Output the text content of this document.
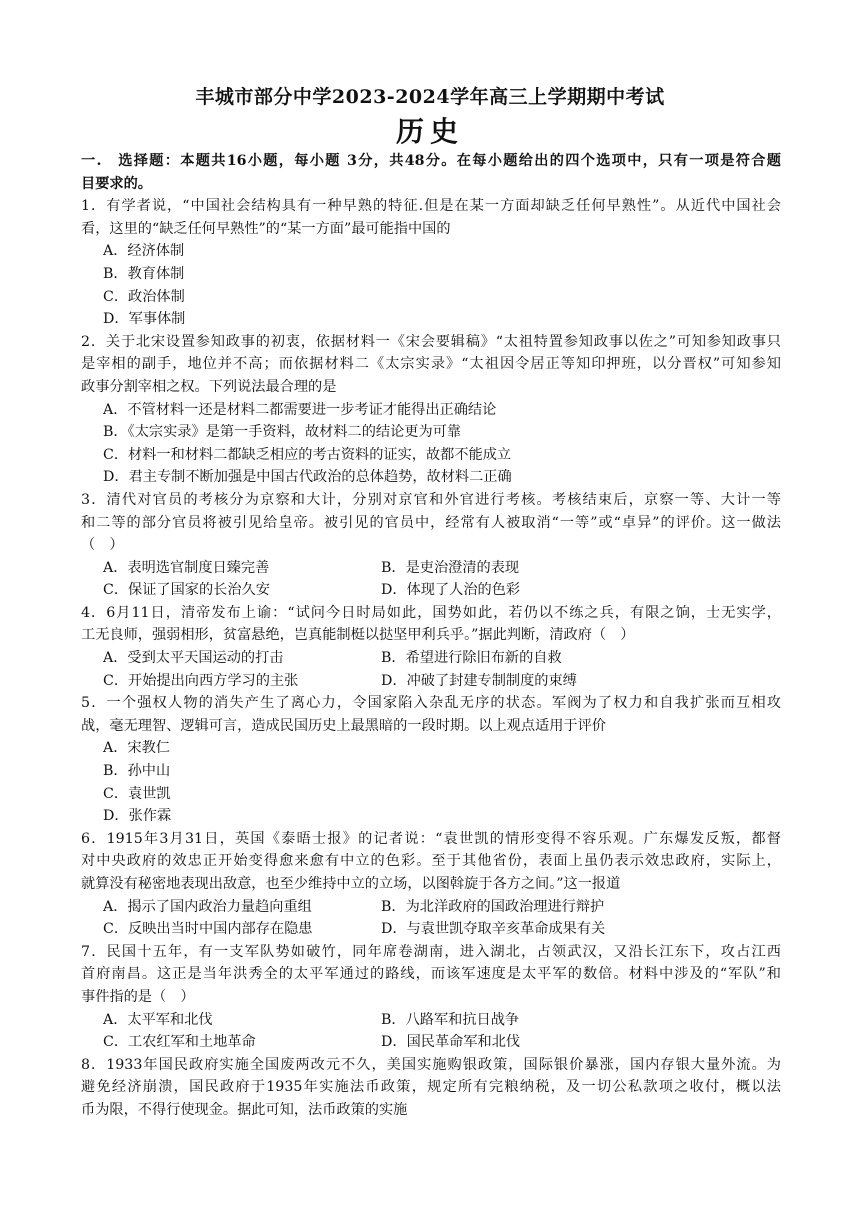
丰城市部分中学2023-2024学年高三上学期期中考试
历史
一.　选择题：本题共16小题，每小题 3分，共48分。在每小题给出的四个选项中，只有一项是符合题
目要求的。
1．有学者说，“中国社会结构具有一种早熟的特征.但是在某一方面却缺乏任何早熟性”。从近代中国社会
看，这里的“缺乏任何早熟性”的“某一方面”最可能指中国的
A．经济体制
B．教育体制
C．政治体制
D．军事体制
2．关于北宋设置参知政事的初衷，依据材料一《宋会要辑稿》“太祖特置参知政事以佐之”可知参知政事只
是宰相的副手，地位并不高；而依据材料二《太宗实录》“太祖因令居正等知印押班，以分晋权”可知参知
政事分割宰相之权。下列说法最合理的是
A．不管材料一还是材料二都需要进一步考证才能得出正确结论
B．《太宗实录》是第一手资料，故材料二的结论更为可靠
C．材料一和材料二都缺乏相应的考古资料的证实，故都不能成立
D．君主专制不断加强是中国古代政治的总体趋势，故材料二正确
3．清代对官员的考核分为京察和大计，分别对京官和外官进行考核。考核结束后，京察一等、大计一等
和二等的部分官员将被引见给皇帝。被引见的官员中，经常有人被取消“一等”或“卓异”的评价。这一做法
（　）
A．表明选官制度日臻完善	B．是吏治澄清的表现
C．保证了国家的长治久安	D．体现了人治的色彩
4．6月11日，清帝发布上谕：“试问今日时局如此，国势如此，若仍以不练之兵，有限之饷，士无实学，
工无良师，强弱相形，贫富悬绝，岂真能制梃以挞坚甲利兵乎。”据此判断，清政府（　）
A．受到太平天国运动的打击	B．希望进行除旧布新的自救
C．开始提出向西方学习的主张	D．冲破了封建专制制度的束缚
5．一个强权人物的消失产生了离心力，令国家陷入杂乱无序的状态。军阀为了权力和自我扩张而互相攻
战，毫无理智、逻辑可言，造成民国历史上最黑暗的一段时期。以上观点适用于评价
A．宋教仁
B．孙中山
C．袁世凯
D．张作霖
6．1915年3月31日，英国《泰晤士报》的记者说：“袁世凯的情形变得不容乐观。广东爆发反叛，都督
对中央政府的效忠正开始变得愈来愈有中立的色彩。至于其他省份，表面上虽仍表示效忠政府，实际上，
就算没有秘密地表现出敌意，也至少维持中立的立场，以图斡旋于各方之间。”这一报道
A．揭示了国内政治力量趋向重组	B．为北洋政府的国政治理进行辩护
C．反映出当时中国内部存在隐患	D．与袁世凯夺取辛亥革命成果有关
7．民国十五年，有一支军队势如破竹，同年席卷湖南，进入湖北，占领武汉，又沿长江东下，攻占江西
首府南昌。这正是当年洪秀全的太平军通过的路线，而该军速度是太平军的数倍。材料中涉及的“军队”和
事件指的是（　）
A．太平军和北伐	B．八路军和抗日战争
C．工农红军和土地革命	D．国民革命军和北伐
8．1933年国民政府实施全国废两改元不久，美国实施购银政策，国际银价暴涨，国内存银大量外流。为
避免经济崩溃，国民政府于1935年实施法币政策，规定所有完粮纳税，及一切公私款项之收付，概以法
币为限，不得行使现金。据此可知，法币政策的实施
